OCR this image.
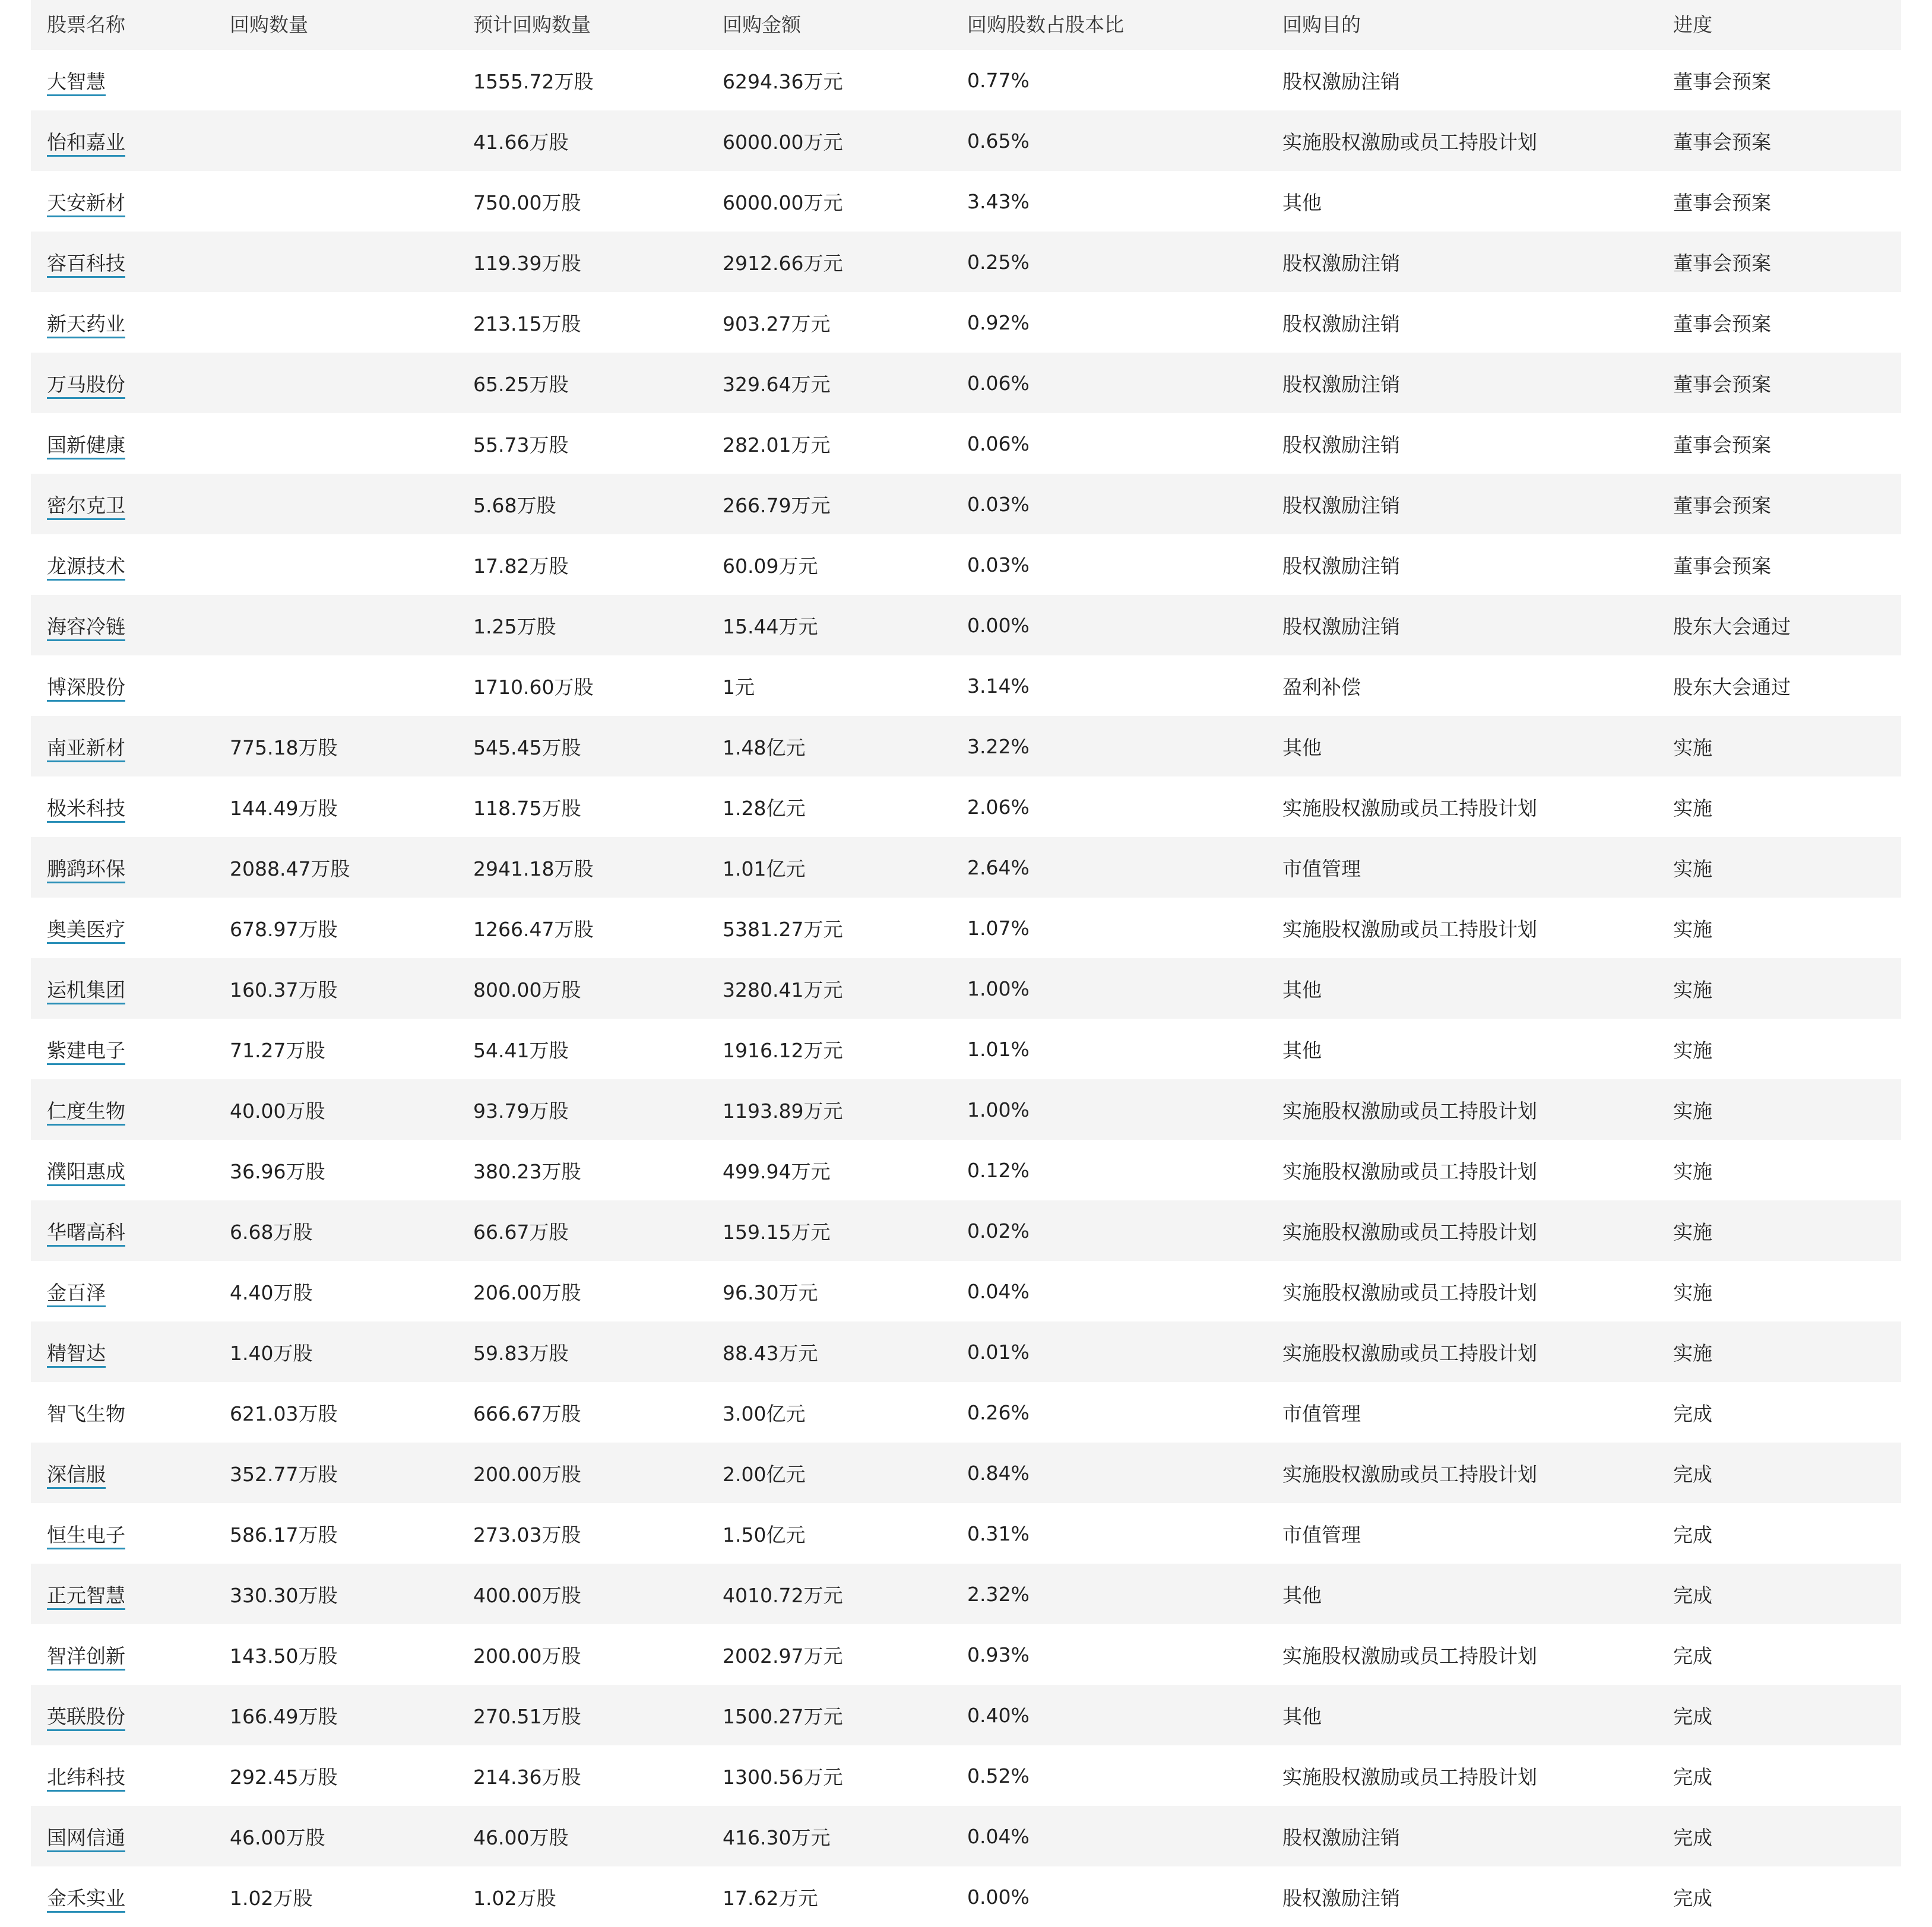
股票名称	回购数量	预计回购数量	回购金额	回购股数占股本比	回购目的	进度
大智慧		1555.72万股	6294.36万元	0.77%	股权激励注销	董事会预案
怡和嘉业		41.66万股	6000.00万元	0.65%	实施股权激励或员工持股计划	董事会预案
天安新材		750.00万股	6000.00万元	3.43%	其他	董事会预案
容百科技		119.39万股	2912.66万元	0.25%	股权激励注销	董事会预案
新天药业		213.15万股	903.27万元	0.92%	股权激励注销	董事会预案
万马股份		65.25万股	329.64万元	0.06%	股权激励注销	董事会预案
国新健康		55.73万股	282.01万元	0.06%	股权激励注销	董事会预案
密尔克卫		5.68万股	266.79万元	0.03%	股权激励注销	董事会预案
龙源技术		17.82万股	60.09万元	0.03%	股权激励注销	董事会预案
海容冷链		1.25万股	15.44万元	0.00%	股权激励注销	股东大会通过
博深股份		1710.60万股	1元	3.14%	盈利补偿	股东大会通过
南亚新材	775.18万股	545.45万股	1.48亿元	3.22%	其他	实施
极米科技	144.49万股	118.75万股	1.28亿元	2.06%	实施股权激励或员工持股计划	实施
鹏鹞环保	2088.47万股	2941.18万股	1.01亿元	2.64%	市值管理	实施
奥美医疗	678.97万股	1266.47万股	5381.27万元	1.07%	实施股权激励或员工持股计划	实施
运机集团	160.37万股	800.00万股	3280.41万元	1.00%	其他	实施
紫建电子	71.27万股	54.41万股	1916.12万元	1.01%	其他	实施
仁度生物	40.00万股	93.79万股	1193.89万元	1.00%	实施股权激励或员工持股计划	实施
濮阳惠成	36.96万股	380.23万股	499.94万元	0.12%	实施股权激励或员工持股计划	实施
华曙高科	6.68万股	66.67万股	159.15万元	0.02%	实施股权激励或员工持股计划	实施
金百泽	4.40万股	206.00万股	96.30万元	0.04%	实施股权激励或员工持股计划	实施
精智达	1.40万股	59.83万股	88.43万元	0.01%	实施股权激励或员工持股计划	实施
智飞生物	621.03万股	666.67万股	3.00亿元	0.26%	市值管理	完成
深信服	352.77万股	200.00万股	2.00亿元	0.84%	实施股权激励或员工持股计划	完成
恒生电子	586.17万股	273.03万股	1.50亿元	0.31%	市值管理	完成
正元智慧	330.30万股	400.00万股	4010.72万元	2.32%	其他	完成
智洋创新	143.50万股	200.00万股	2002.97万元	0.93%	实施股权激励或员工持股计划	完成
英联股份	166.49万股	270.51万股	1500.27万元	0.40%	其他	完成
北纬科技	292.45万股	214.36万股	1300.56万元	0.52%	实施股权激励或员工持股计划	完成
国网信通	46.00万股	46.00万股	416.30万元	0.04%	股权激励注销	完成
金禾实业	1.02万股	1.02万股	17.62万元	0.00%	股权激励注销	完成
